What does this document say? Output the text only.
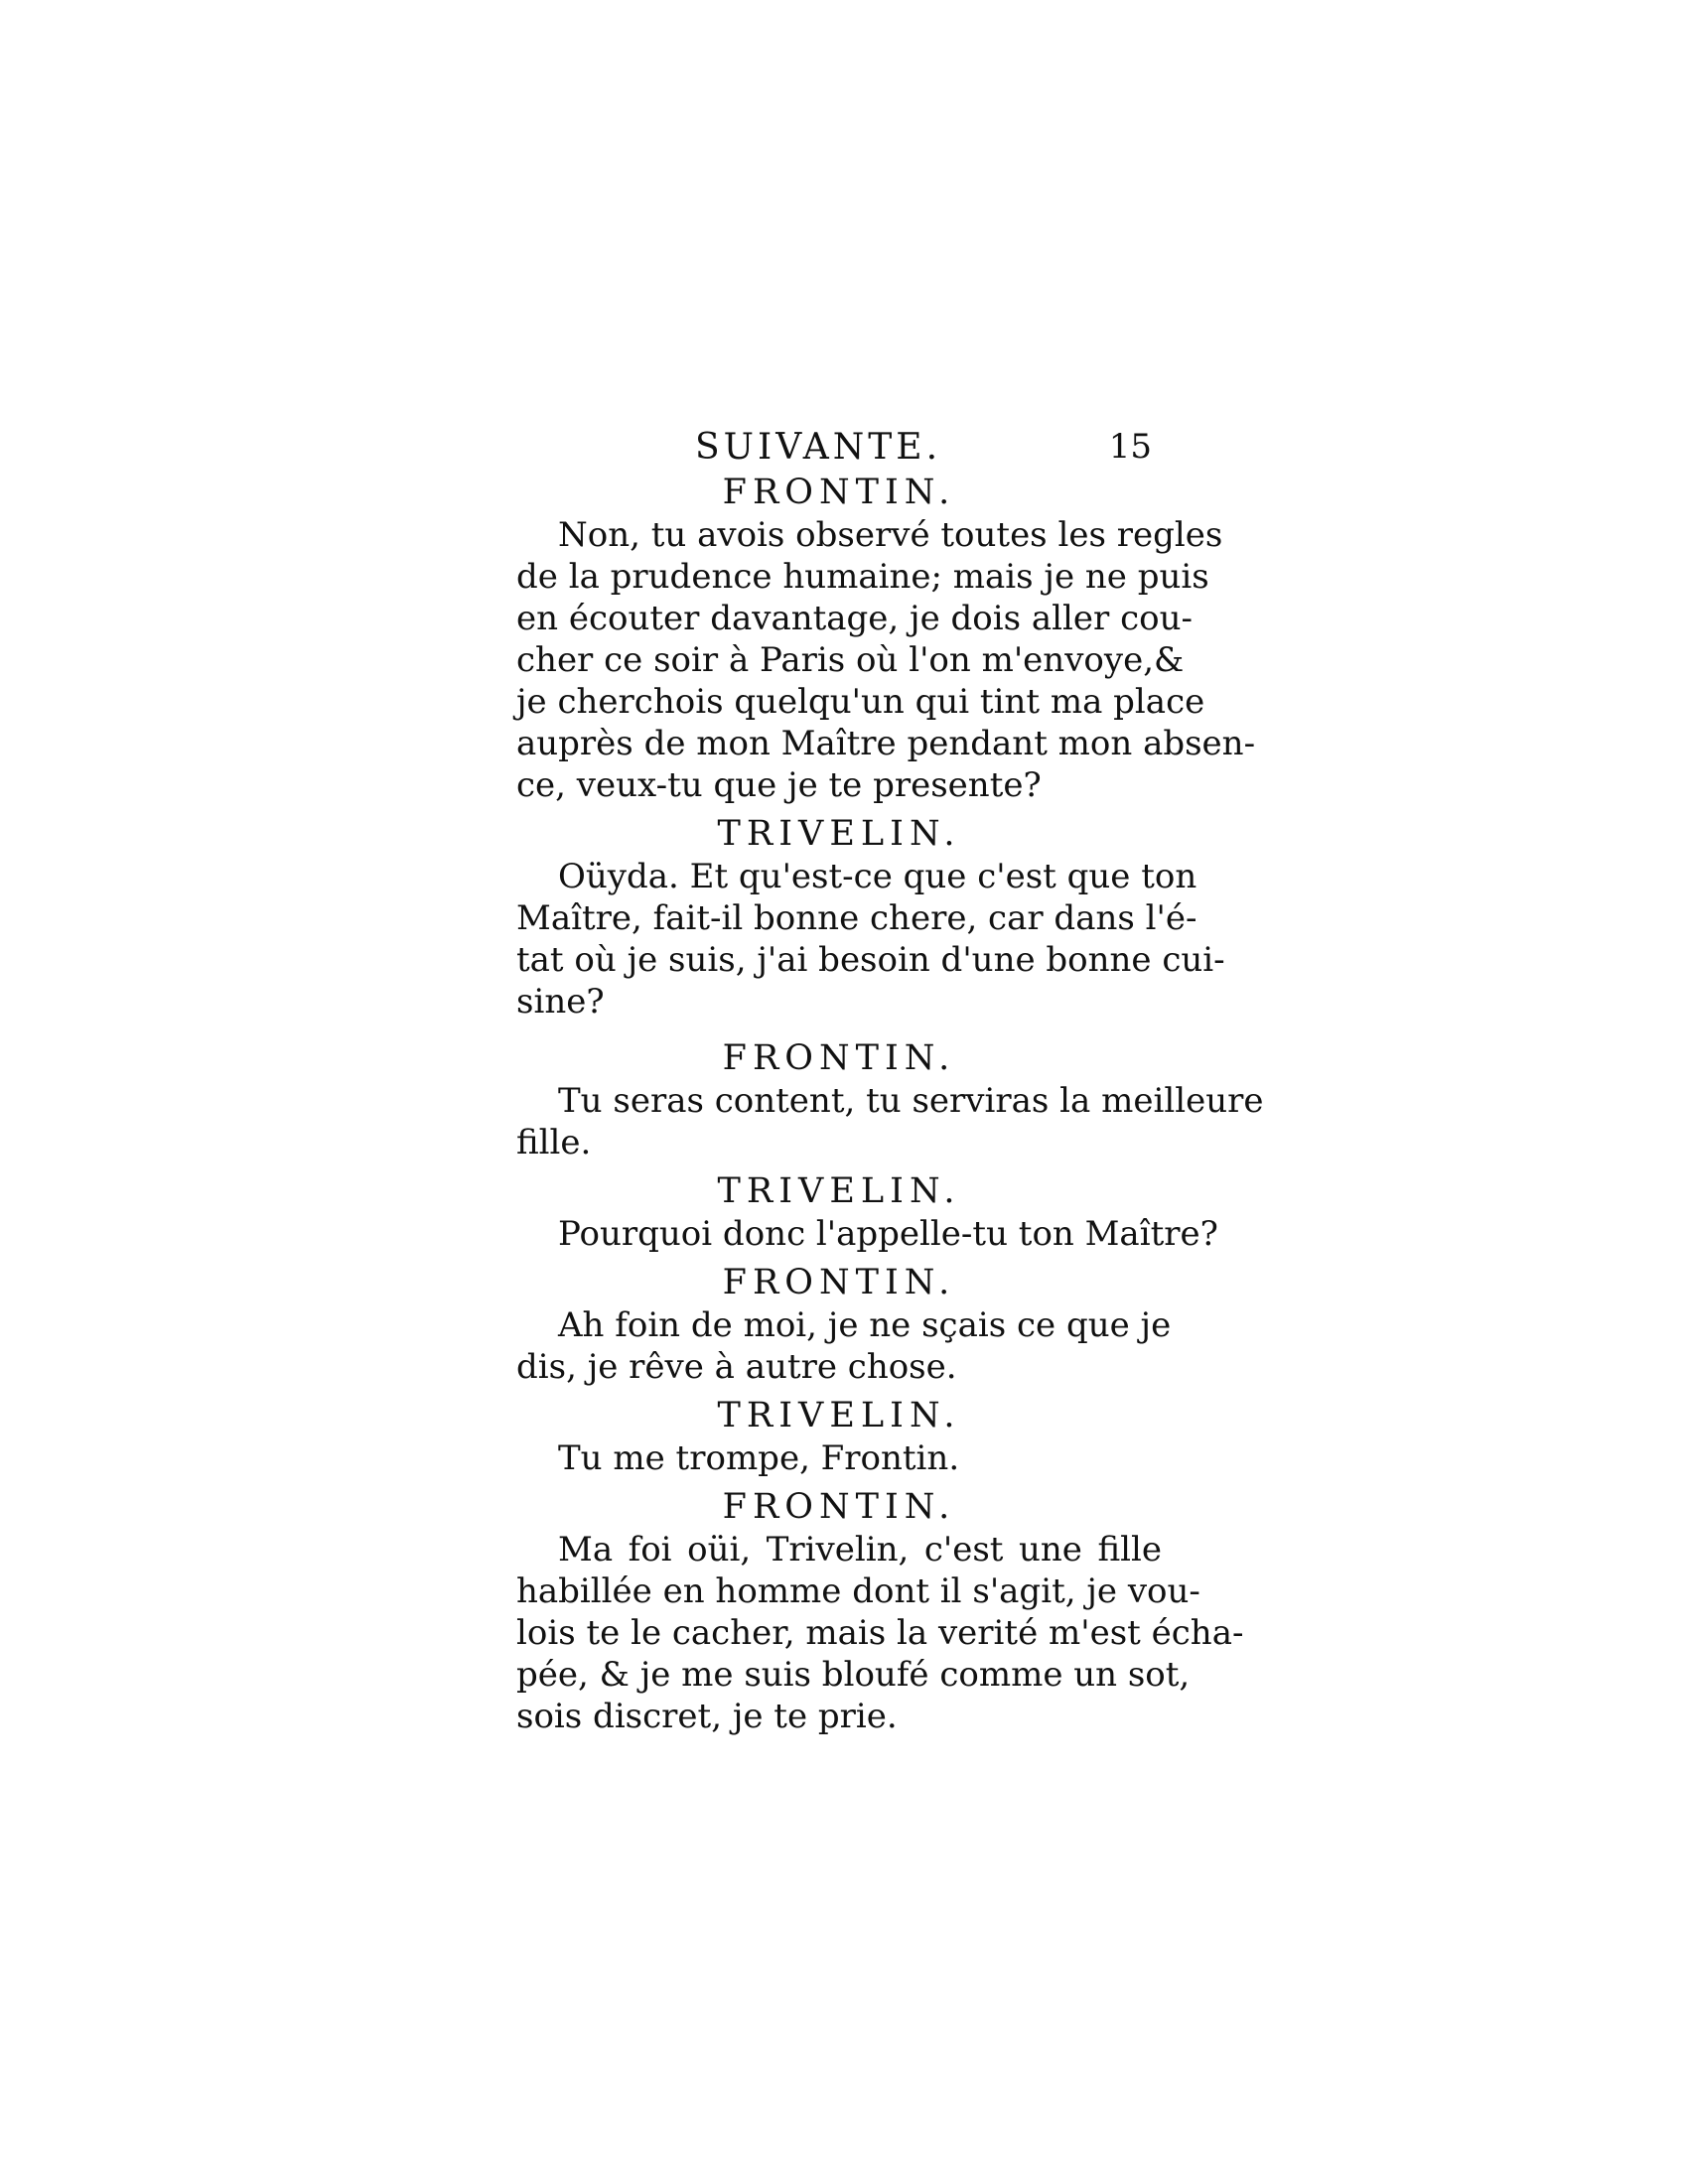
SUIVANTE.	15

FRONTIN.

Non, tu avois observé toutes les regles
de la prudence humaine; mais je ne puis
en écouter davantage, je dois aller cou-
cher ce soir à Paris où l'on m'envoye,&
je cherchois quelqu'un qui tint ma place
auprès de mon Maître pendant mon absen-
ce, veux-tu que je te presente?

TRIVELIN.

Oüyda. Et qu'est-ce que c'est que ton
Maître, fait-il bonne chere, car dans l'é-
tat où je suis, j'ai besoin d'une bonne cui-
sine?

FRONTIN.

Tu seras content, tu serviras la meilleure
fille.

TRIVELIN.

Pourquoi donc l'appelle-tu ton Maître?

FRONTIN.

Ah foin de moi, je ne sçais ce que je
dis, je rêve à autre chose.

TRIVELIN.

Tu me trompe, Frontin.

FRONTIN.

Ma foi oüi, Trivelin, c'est une fille
habillée en homme dont il s'agit, je vou-
lois te le cacher, mais la verité m'est écha-
pée, & je me suis bloufé comme un sot,
sois discret, je te prie.
